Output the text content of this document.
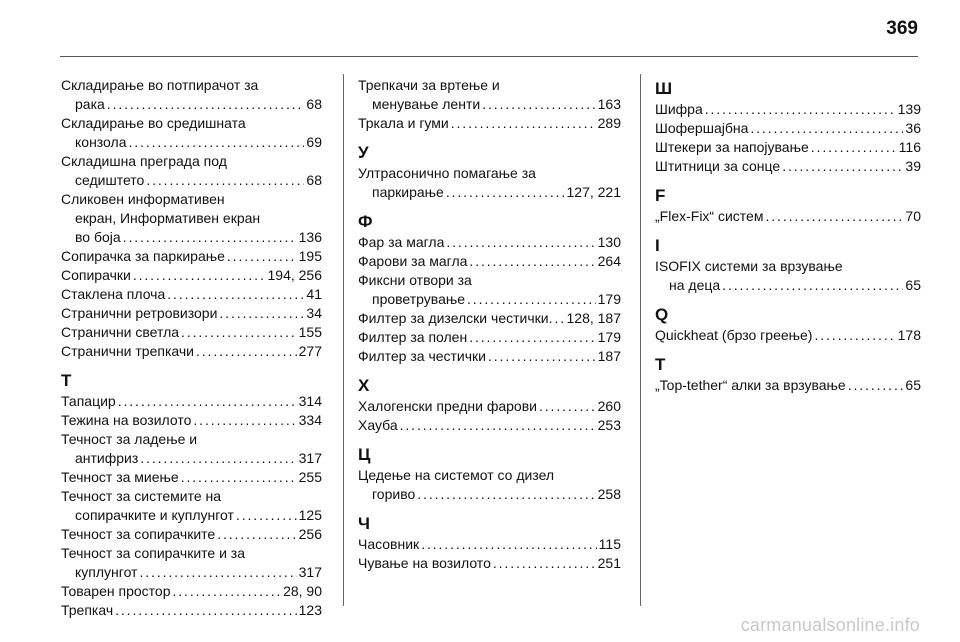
369
Складирање во потпирачот за
рака . . .	68
Складирање во средишната
конзола . . .	69
Складишна преграда под
седиштето . . .	68
Сликовен информативен
екран, Информативен екран
во боја . . .	136
Сопирачка за паркирање . . .	195
Сопирачки . . .	194, 256
Стаклена плоча . . .	41
Странични ретровизори . . .	34
Странични светла . . .	155
Странични трепкачи . . .	277
Т
Тапацир . . .	314
Тежина на возилото . . .	334
Течност за ладење и
антифриз . . .	317
Течност за миење . . .	255
Течност за системите на
сопирачките и куплунгот . . .	125
Течност за сопирачките . . .	256
Течност за сопирачките и за
куплунгот . . .	317
Товарен простор . . .	28, 90
Трепкач . . .	123
Трепкачи за вртење и
менување ленти . . .	163
Тркала и гуми . . .	289
У
Ултрасонично помагање за
паркирање . . .	127, 221
Ф
Фар за магла . . .	130
Фарови за магла . . .	264
Фиксни отвори за
проветрување . . .	179
Филтер за дизелски честички. . . . 128, 187
Филтер за полен . . .	179
Филтер за честички . . .	187
Х
Халогенски предни фарови . . .	260
Хауба . . .	253
Ц
Цедење на системот со дизел
гориво . . .	258
Ч
Часовник . . .	115
Чување на возилото . . .	251
Ш
Шифра . . .	139
Шофершајбна . . .	36
Штекери за напојување . . .	116
Штитници за сонце . . .	39
F
„Flex-Fix“ систем . . .	70
I
ISOFIX системи за врзување
на деца . . .	65
Q
Quickheat (брзо греење) . . .	178
T
„Top-tether“ алки за врзување . . .	65
carmanualsonline.info
